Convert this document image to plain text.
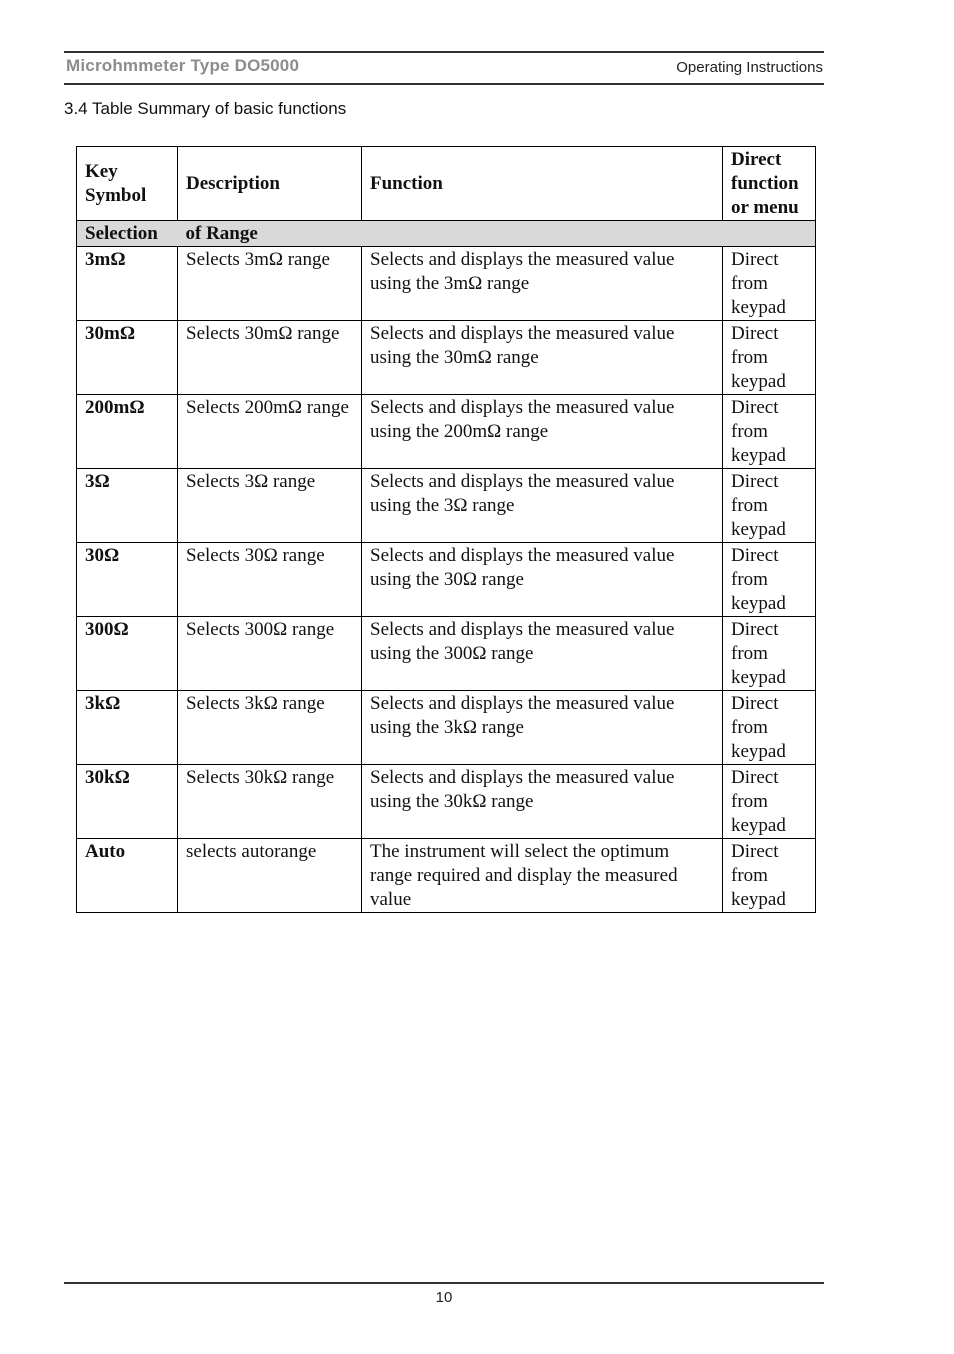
Microhmmeter Type DO5000	Operating Instructions
3.4 Table Summary of basic functions
Key Symbol	Description	Function	Direct function or menu
Selection	of Range		
3mΩ	Selects 3mΩ range	Selects and displays the measured value using the 3mΩ range	Direct from keypad
30mΩ	Selects 30mΩ range	Selects and displays the measured value using the 30mΩ range	Direct from keypad
200mΩ	Selects 200mΩ range	Selects and displays the measured value using the 200mΩ range	Direct from keypad
3Ω	Selects 3Ω range	Selects and displays the measured value using the 3Ω range	Direct from keypad
30Ω	Selects 30Ω range	Selects and displays the measured value using the 30Ω range	Direct from keypad
300Ω	Selects 300Ω range	Selects and displays the measured value using the 300Ω range	Direct from keypad
3kΩ	Selects 3kΩ range	Selects and displays the measured value using the 3kΩ range	Direct from keypad
30kΩ	Selects 30kΩ range	Selects and displays the measured value using the 30kΩ range	Direct from keypad
Auto	selects autorange	The instrument will select the optimum range required and display the measured value	Direct from keypad
10
